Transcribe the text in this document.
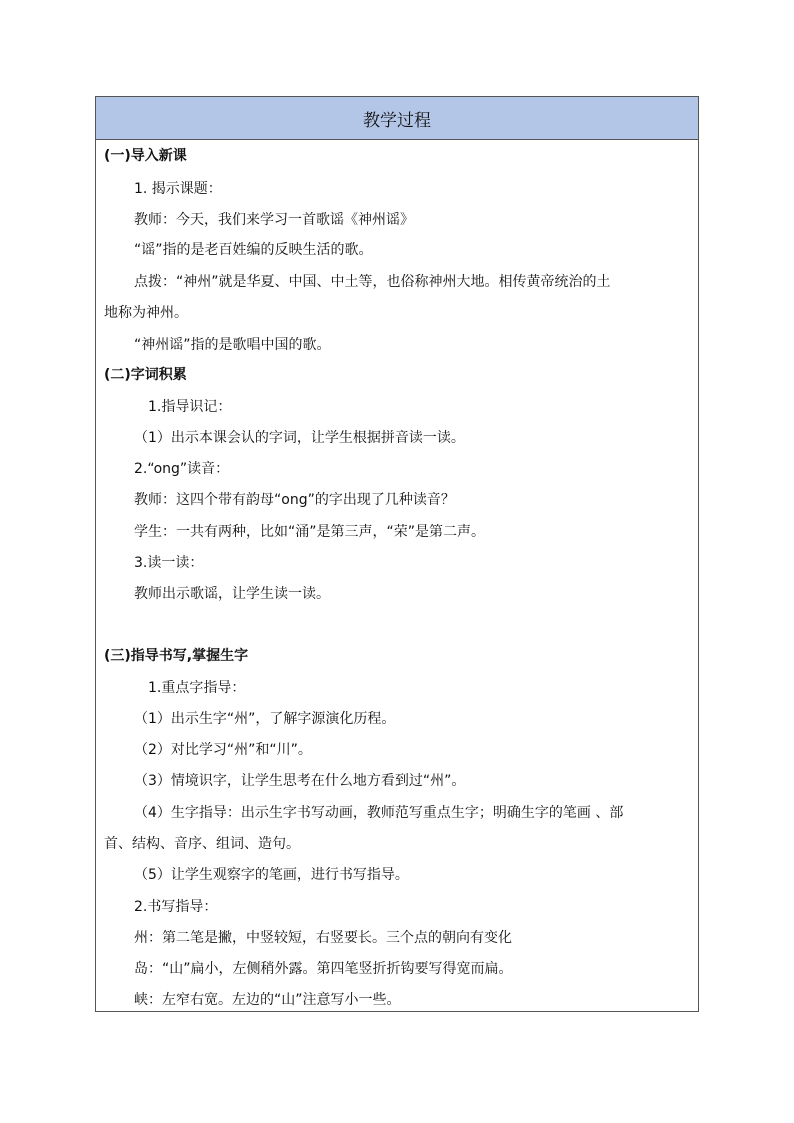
教学过程
(一)导入新课
1. 揭示课题：
教师：今天，我们来学习一首歌谣《神州谣》
“谣”指的是老百姓编的反映生活的歌。
点拨：“神州”就是华夏、中国、中土等，也俗称神州大地。相传黄帝统治的土
地称为神州。
“神州谣”指的是歌唱中国的歌。
(二)字词积累
1.指导识记：
（1）出示本课会认的字词，让学生根据拼音读一读。
2.“ong”读音：
教师：这四个带有韵母“ong”的字出现了几种读音？
学生：一共有两种，比如“涌”是第三声，“荣”是第二声。
3.读一读：
教师出示歌谣，让学生读一读。
(三)指导书写,掌握生字
1.重点字指导：
（1）出示生字“州”，了解字源演化历程。
（2）对比学习“州”和“川”。
（3）情境识字，让学生思考在什么地方看到过“州”。
（4）生字指导：出示生字书写动画，教师范写重点生字；明确生字的笔画 、部
首、结构、音序、组词、造句。
（5）让学生观察字的笔画，进行书写指导。
2.书写指导：
州：第二笔是撇，中竖较短，右竖要长。三个点的朝向有变化
岛：“山”扁小，左侧稍外露。第四笔竖折折钩要写得宽而扁。
峡：左窄右宽。左边的“山”注意写小一些。
